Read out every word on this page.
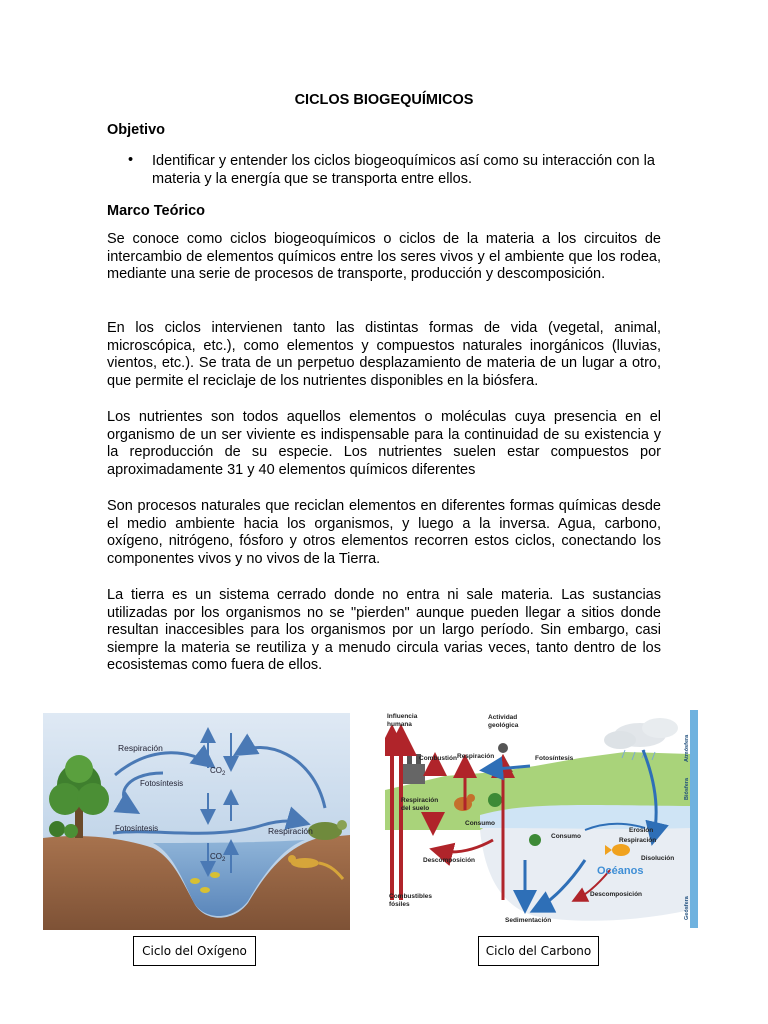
CICLOS BIOGEQUÍMICOS
Objetivo
• Identificar y entender los ciclos biogeoquímicos así como su interacción con la materia y la energía que se transporta entre ellos.
Marco Teórico
Se conoce como ciclos biogeoquímicos o ciclos de la materia a los circuitos de intercambio de elementos químicos entre los seres vivos y el ambiente que los rodea, mediante una serie de procesos de transporte, producción y descomposición.
En los ciclos intervienen tanto las distintas formas de vida (vegetal, animal, microscópica, etc.), como elementos y compuestos naturales inorgánicos (lluvias, vientos, etc.). Se trata de un perpetuo desplazamiento de materia de un lugar a otro, que permite el reciclaje de los nutrientes disponibles en la biósfera.
Los nutrientes son todos aquellos elementos o moléculas cuya presencia en el organismo de un ser viviente es indispensable para la continuidad de su existencia y la reproducción de su especie. Los nutrientes suelen estar compuestos por aproximadamente 31 y 40 elementos químicos diferentes
Son procesos naturales que reciclan elementos en diferentes formas químicas desde el medio ambiente hacia los organismos, y luego a la inversa. Agua, carbono, oxígeno, nitrógeno, fósforo y otros elementos recorren estos ciclos, conectando los componentes vivos y no vivos de la Tierra.
La tierra es un sistema cerrado donde no entra ni sale materia. Las sustancias utilizadas por los organismos no se "pierden" aunque pueden llegar a sitios donde resultan inaccesibles para los organismos por un largo período. Sin embargo, casi siempre la materia se reutiliza y a menudo circula varias veces, tanto dentro de los ecosistemas como fuera de ellos.
Respiración
Fotosíntesis
Fotosíntesis	Respiración
$CO_2$
$CO_2$
Influencia
humana
Actividad
geológica
Combustión Respiración	Fotosíntesis
Respiración
del suelo
Consumo
Consumo
Erosión
Respiración
Disolución
Descomposición
Océanos
Descomposición
Combustibles
fósiles
Sedimentación
Atmósfera
Biósfera
Geósfera
Ciclo del Oxígeno	Ciclo del Carbono
